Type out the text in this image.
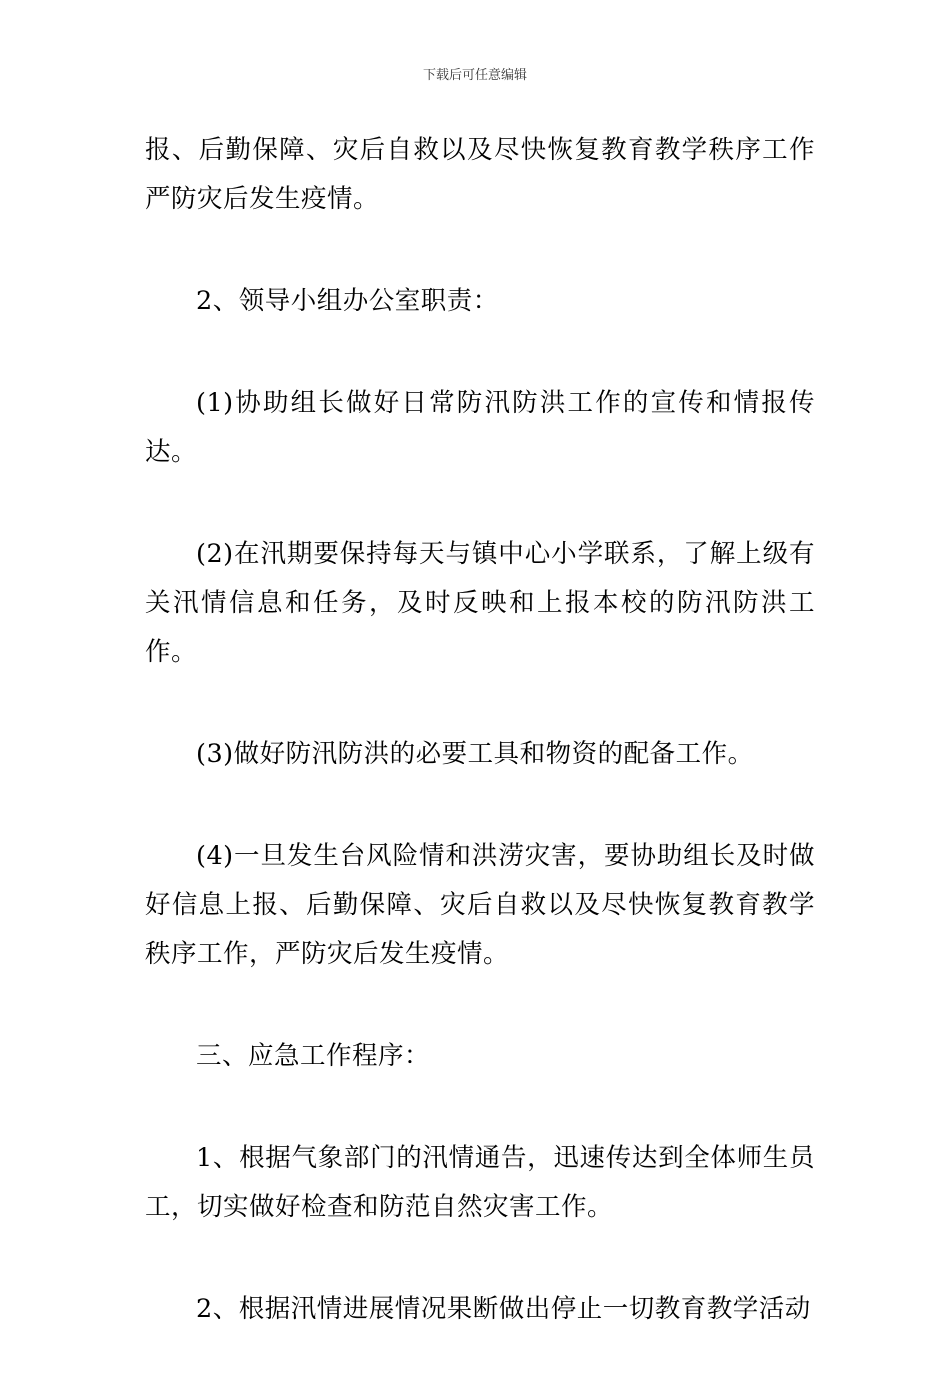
下载后可任意编辑

报、后勤保障、灾后自救以及尽快恢复教育教学秩序工作严防灾后发生疫情。

2、领导小组办公室职责：

(1)协助组长做好日常防汛防洪工作的宣传和情报传达。

(2)在汛期要保持每天与镇中心小学联系，了解上级有关汛情信息和任务，及时反映和上报本校的防汛防洪工作。

(3)做好防汛防洪的必要工具和物资的配备工作。

(4)一旦发生台风险情和洪涝灾害，要协助组长及时做好信息上报、后勤保障、灾后自救以及尽快恢复教育教学秩序工作，严防灾后发生疫情。

三、应急工作程序：

1、根据气象部门的汛情通告，迅速传达到全体师生员工，切实做好检查和防范自然灾害工作。

2、根据汛情进展情况果断做出停止一切教育教学活动
